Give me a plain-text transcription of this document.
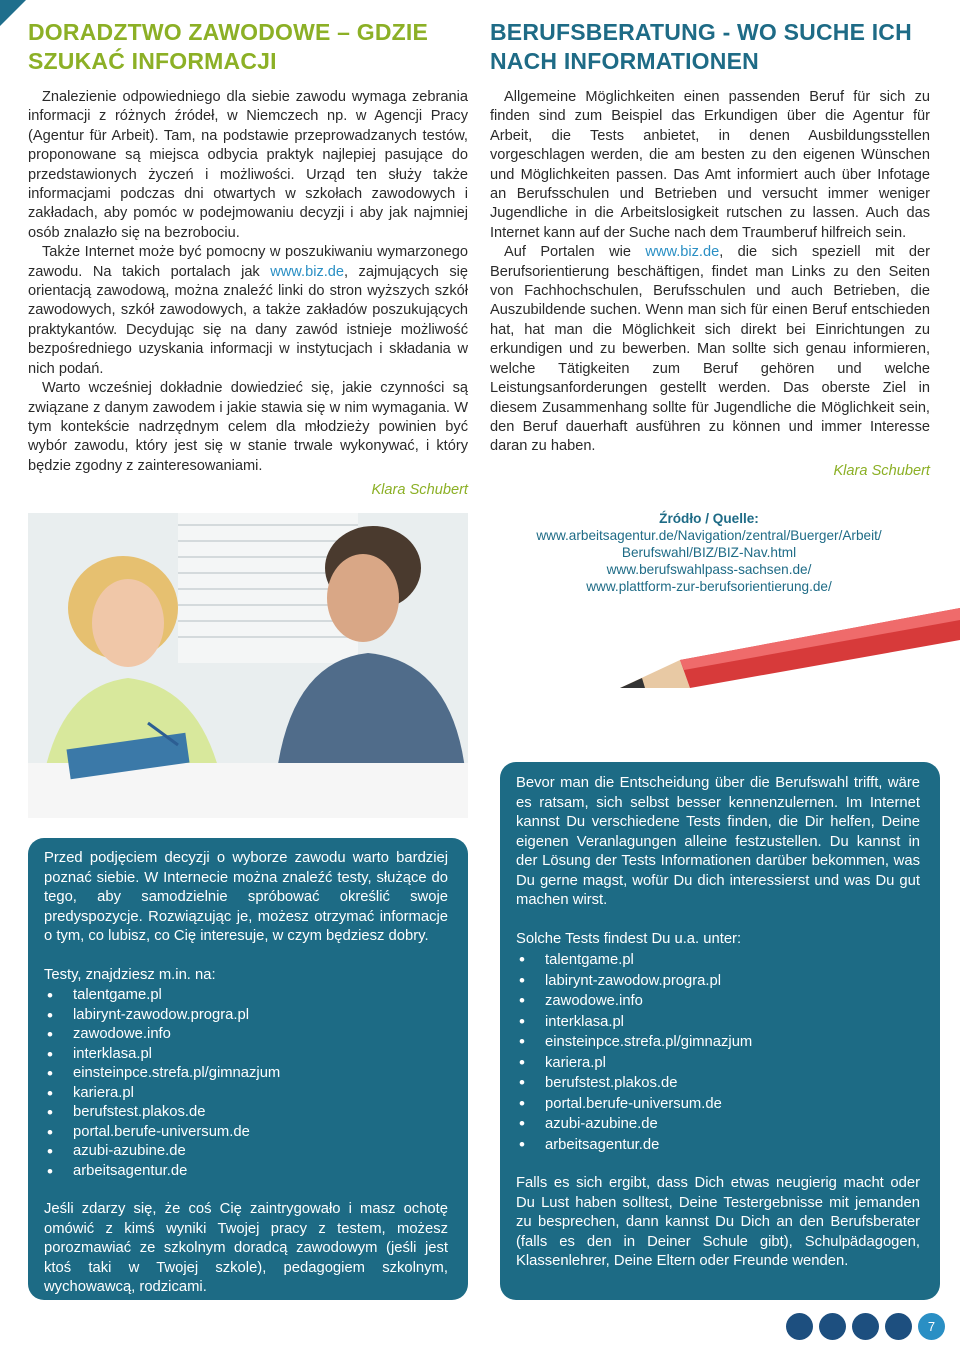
DORADZTWO ZAWODOWE – GDZIE SZUKAĆ INFORMACJI

Znalezienie odpowiedniego dla siebie zawodu wymaga zebrania informacji z różnych źródeł, w Niemczech np. w Agencji Pracy (Agentur für Arbeit). Tam, na podstawie przeprowadzanych testów, proponowane są miejsca odbycia praktyk najlepiej pasujące do przedstawionych życzeń i możliwości. Urząd ten służy także informacjami podczas dni otwartych w szkołach zawodowych i zakładach, aby pomóc w podejmowaniu decyzji i aby jak najmniej osób znalazło się na bezrobociu.

Także Internet może być pomocny w poszukiwaniu wymarzonego zawodu. Na takich portalach jak www.biz.de, zajmujących się orientacją zawodową, można znaleźć linki do stron wyższych szkół zawodowych, szkół zawodowych, a także zakładów poszukujących praktykantów. Decydując się na dany zawód istnieje możliwość bezpośredniego uzyskania informacji w instytucjach i składania w nich podań.

Warto wcześniej dokładnie dowiedzieć się, jakie czynności są związane z danym zawodem i jakie stawia się w nim wymagania. W tym kontekście nadrzędnym celem dla młodzieży powinien być wybór zawodu, który jest się w stanie trwale wykonywać, i który będzie zgodny z zainteresowaniami.

Klara Schubert
BERUFSBERATUNG - WO SUCHE ICH NACH INFORMATIONEN

Allgemeine Möglichkeiten einen passenden Beruf für sich zu finden sind zum Beispiel das Erkundigen über die Agentur für Arbeit, die Tests anbietet, in denen Ausbildungsstellen vorgeschlagen werden, die am besten zu den eigenen Wünschen und Möglichkeiten passen. Das Amt informiert auch über Infotage an Berufsschulen und Betrieben und versucht immer weniger Jugendliche in die Arbeitslosigkeit rutschen zu lassen. Auch das Internet kann auf der Suche nach dem Traumberuf hilfreich sein.

Auf Portalen wie www.biz.de, die sich speziell mit der Berufsorientierung beschäftigen, findet man Links zu den Seiten von Fachhochschulen, Berufsschulen und auch Betrieben, die Auszubildende suchen. Wenn man sich für einen Beruf entschieden hat, hat man die Möglichkeit sich direkt bei Einrichtungen zu erkundigen und zu bewerben. Man sollte sich genau informieren, welche Tätigkeiten zum Beruf gehören und welche Leistungsanforderungen gestellt werden. Das oberste Ziel in diesem Zusammenhang sollte für Jugendliche die Möglichkeit sein, den Beruf dauerhaft ausführen zu können und immer Interesse daran zu haben.

Klara Schubert
Źródło / Quelle:
www.arbeitsagentur.de/Navigation/zentral/Buerger/Arbeit/
Berufswahl/BIZ/BIZ-Nav.html
www.berufswahlpass-sachsen.de/
www.plattform-zur-berufsorientierung.de/

Przed podjęciem decyzji o wyborze zawodu warto bardziej poznać siebie. W Internecie można znaleźć testy, służące do tego, aby samodzielnie spróbować określić swoje predyspozycje. Rozwiązując je, możesz otrzymać informacje o tym, co lubisz, co Cię interesuje, w czym będziesz dobry.

Testy, znajdziesz m.in. na:

• talentgame.pl
• labirynt-zawodow.progra.pl
• zawodowe.info
• interklasa.pl
• einsteinpce.strefa.pl/gimnazjum
• kariera.pl
• berufstest.plakos.de
• portal.berufe-universum.de
• azubi-azubine.de
• arbeitsagentur.de

Jeśli zdarzy się, że coś Cię zaintrygowało i masz ochotę omówić z kimś wyniki Twojej pracy z testem, możesz porozmawiać ze szkolnym doradcą zawodowym (jeśli jest ktoś taki w Twojej szkole), pedagogiem szkolnym, wychowawcą, rodzicami.

Bevor man die Entscheidung über die Berufswahl trifft, wäre es ratsam, sich selbst besser kennenzulernen. Im Internet kannst Du verschiedene Tests finden, die Dir helfen, Deine eigenen Veranlagungen alleine festzustellen. Du kannst in der Lösung der Tests Informationen darüber bekommen, was Du gerne magst, wofür Du dich interessierst und was Du gut machen wirst.

Solche Tests findest Du u.a. unter:

• talentgame.pl
• labirynt-zawodow.progra.pl
• zawodowe.info
• interklasa.pl
• einsteinpce.strefa.pl/gimnazjum
• kariera.pl
• berufstest.plakos.de
• portal.berufe-universum.de
• azubi-azubine.de
• arbeitsagentur.de

Falls es sich ergibt, dass Dich etwas neugierig macht oder Du Lust haben solltest, Deine Testergebnisse mit jemanden zu besprechen, dann kannst Du Dich an den Berufsberater (falls es den in Deiner Schule gibt), Schulpädagogen, Klassenlehrer, Deine Eltern oder Freunde wenden.

7
